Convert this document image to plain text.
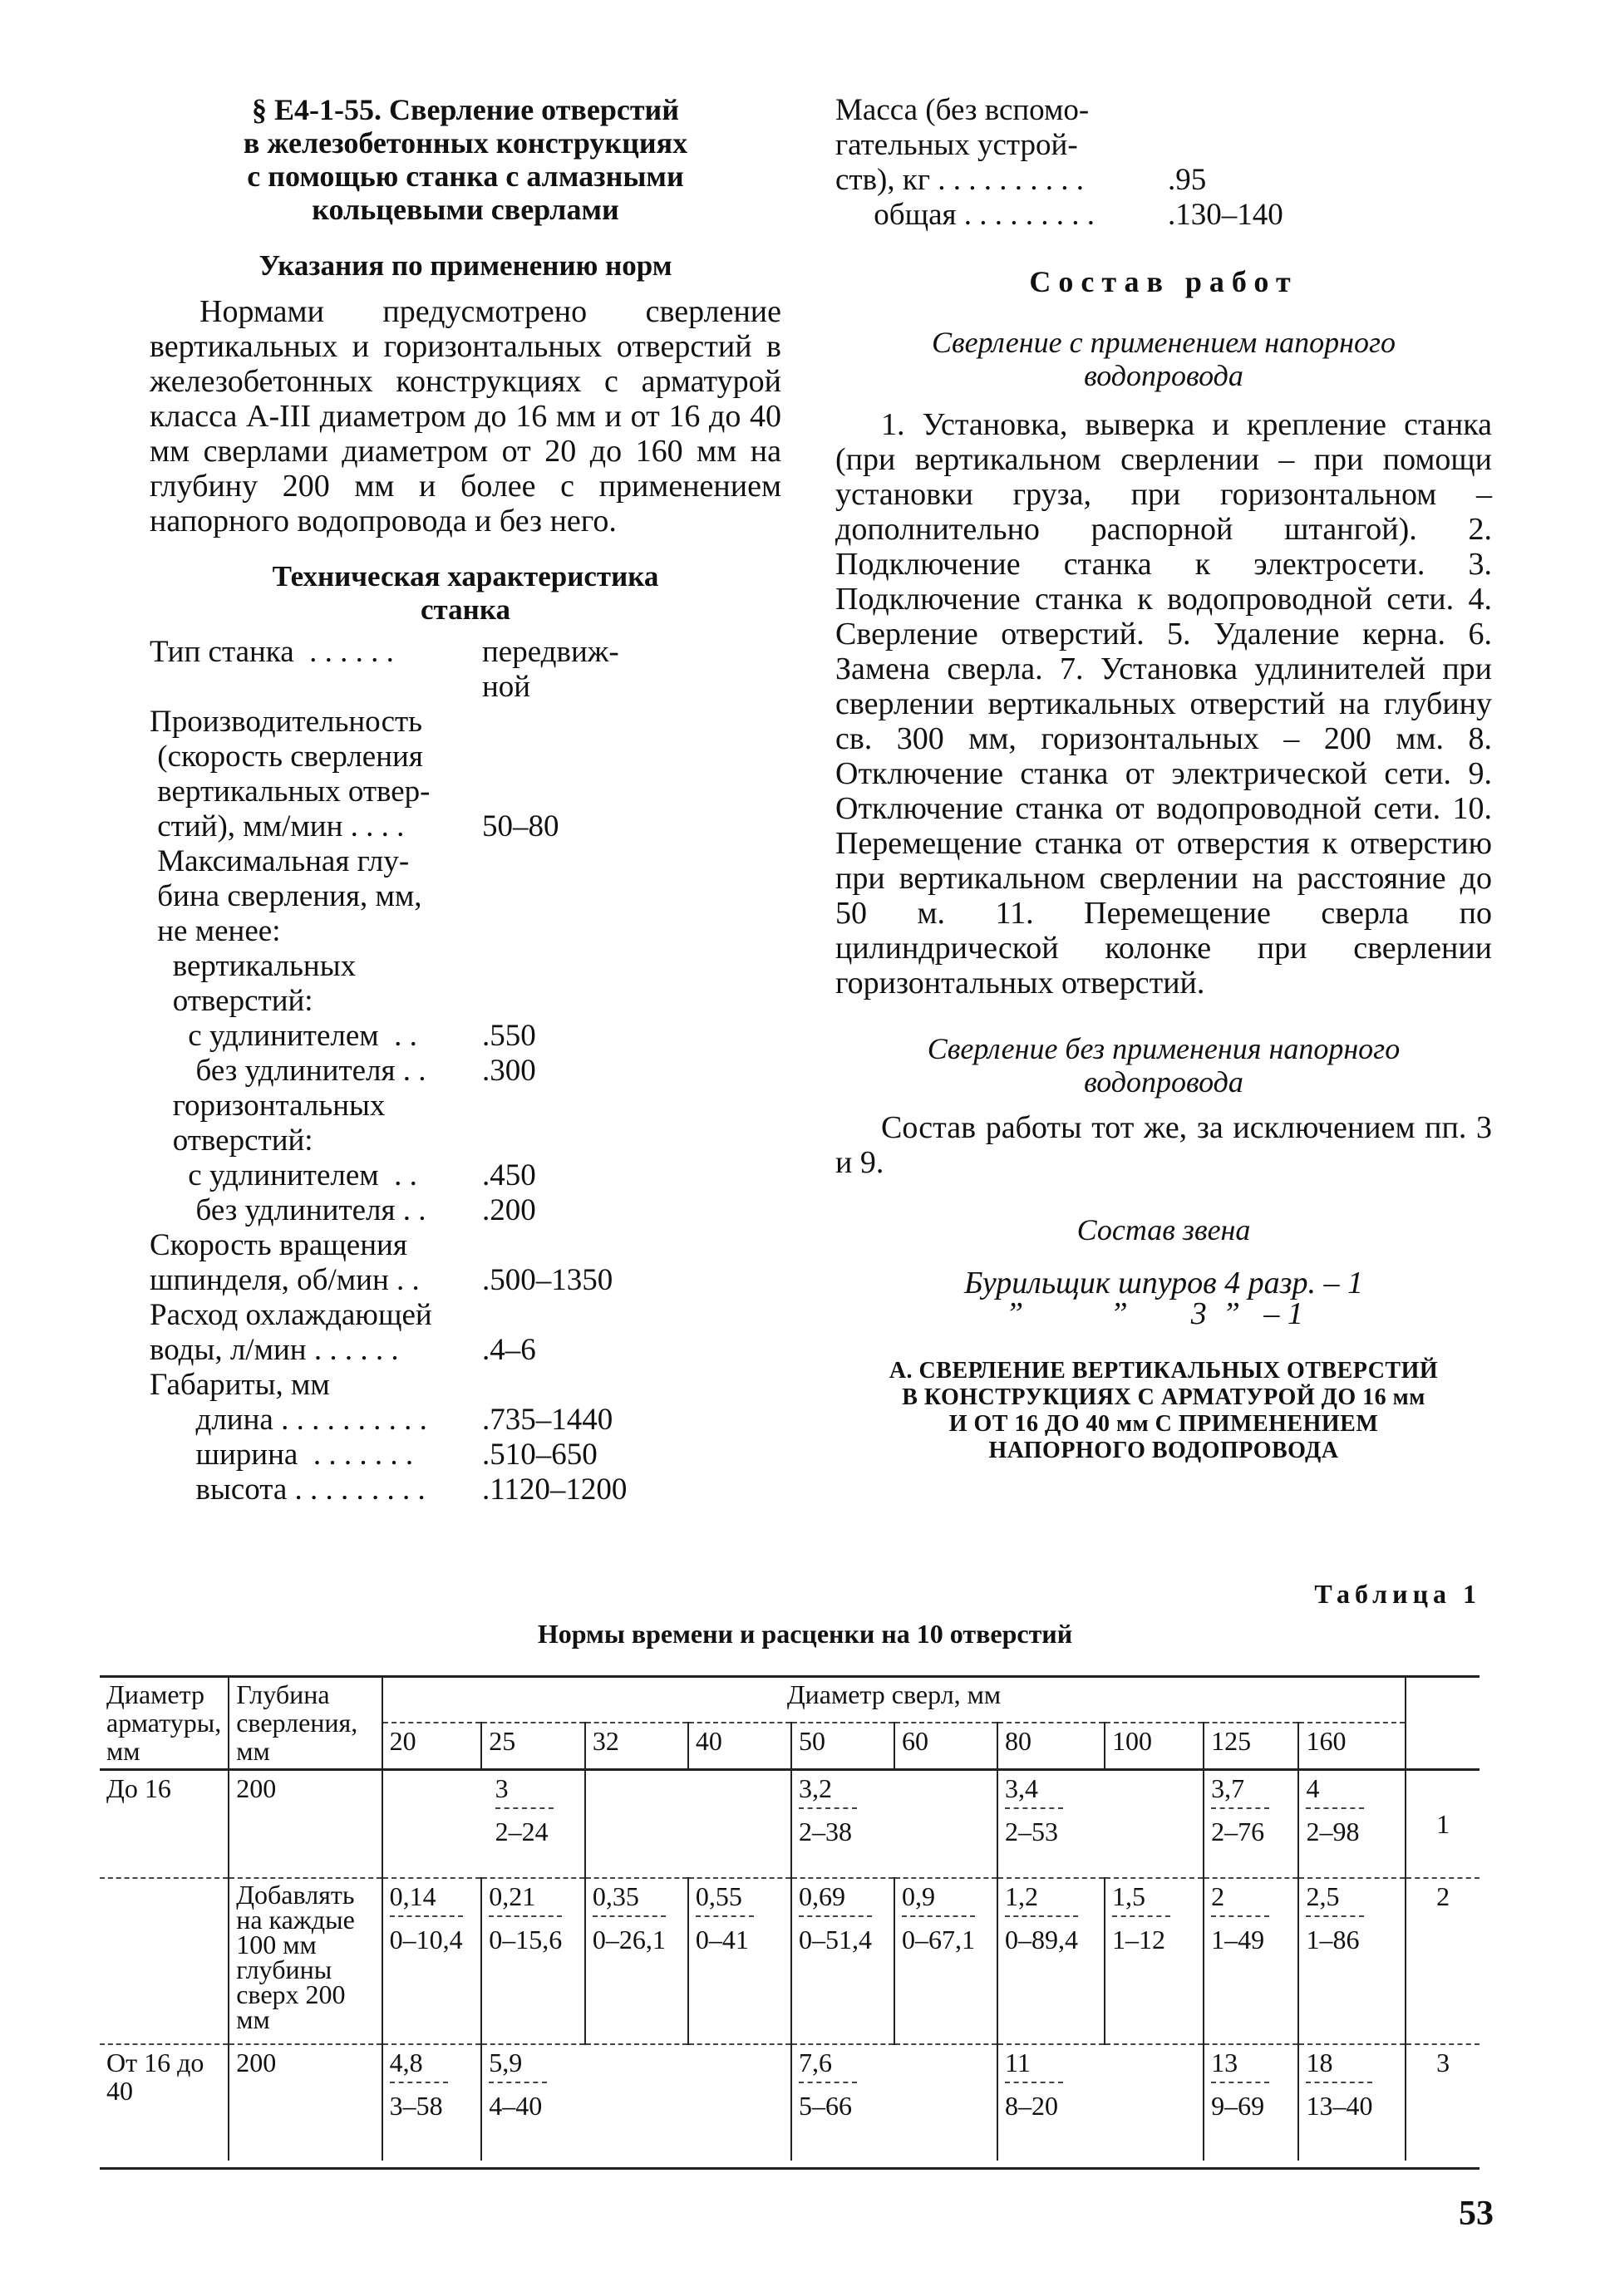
§ Е4-1-55. Сверление отверстий
в железобетонных конструкциях
с помощью станка с алмазными
кольцевыми сверлами
Указания по применению норм
Нормами предусмотрено сверление вертикальных и горизонтальных отверстий в железобетонных конструкциях с арматурой класса А-III диаметром до 16 мм и от 16 до 40 мм сверлами диаметром от 20 до 160 мм на глубину 200 мм и более с применением напорного водопровода и без него.
Техническая характеристика
станка
Тип станка  . . . . . .	передвиж-

ной
Производительность
(скорость сверления
вертикальных отвер-
стий), мм/мин . . . .	50–80
Максимальная глу-
бина сверления, мм,
не менее:
вертикальных
отверстий:
с удлинителем  . .	.550
без удлинителя . .	.300
горизонтальных
отверстий:
с удлинителем  . .	.450
без удлинителя . .	.200
Скорость вращения
шпинделя, об/мин . .	.500–1350
Расход охлаждающей
воды, л/мин . . . . . .	.4–6
Габариты, мм
длина . . . . . . . . . .	.735–1440
ширина  . . . . . . .	.510–650
высота . . . . . . . . .	.1120–1200
Масса (без вспомо-
гательных устрой-
ств), кг . . . . . . . . . .	.95
общая . . . . . . . . .	.130–140
Состав работ
Сверление с применением напорного
водопровода
1. Установка, выверка и крепление станка (при вертикальном сверлении – при помощи установки груза, при горизонтальном – дополнительно распорной штангой). 2. Подключение станка к электросети. 3. Подключение станка к водопроводной сети. 4. Сверление отверстий. 5. Удаление керна. 6. Замена сверла. 7. Установка удлинителей при сверлении вертикальных отверстий на глубину св. 300 мм, горизонтальных – 200 мм. 8. Отключение станка от электрической сети. 9. Отключение станка от водопроводной сети. 10. Перемещение станка от отверстия к отверстию при вертикальном сверлении на расстояние до 50 м. 11. Перемещение сверла по цилиндрической колонке при сверлении горизонтальных отверстий.
Сверление без применения напорного
водопровода
Состав работы тот же, за исключением пп. 3 и 9.
Состав звена
Бурильщик шпуров 4 разр. – 1
”           ”        3  ”   – 1
А. СВЕРЛЕНИЕ ВЕРТИКАЛЬНЫХ ОТВЕРСТИЙ
В КОНСТРУКЦИЯХ С АРМАТУРОЙ ДО 16 мм
И ОТ 16 ДО 40 мм С ПРИМЕНЕНИЕМ
НАПОРНОГО ВОДОПРОВОДА
Таблица 1
Нормы времени и расценки на 10 отверстий
Диаметр арматуры, мм	Глубина сверления, мм	Диаметр сверл, мм										
		20	25	32	40	50	60	80	100	125	160	
До 16	200	$\frac{3}{2-24}$				$\frac{3,2}{2-38}$		$\frac{3,4}{2-53}$		$\frac{3,7}{2-76}$	$\frac{4}{2-98}$	1
	Добавлять на каждые 100 мм глубины сверх 200 мм	$\frac{0,14}{0-10,4}$	$\frac{0,21}{0-15,6}$	$\frac{0,35}{0-26,1}$	$\frac{0,55}{0-41}$	$\frac{0,69}{0-51,4}$	$\frac{0,9}{0-67,1}$	$\frac{1,2}{0-89,4}$	$\frac{1,5}{1-12}$	$\frac{2}{1-49}$	$\frac{2,5}{1-86}$	2
От 16 до 40	200	$\frac{4,8}{3-58}$	$\frac{5,9}{4-40}$			$\frac{7,6}{5-66}$		$\frac{11}{8-20}$		$\frac{13}{9-69}$	$\frac{18}{13-40}$	3
53
